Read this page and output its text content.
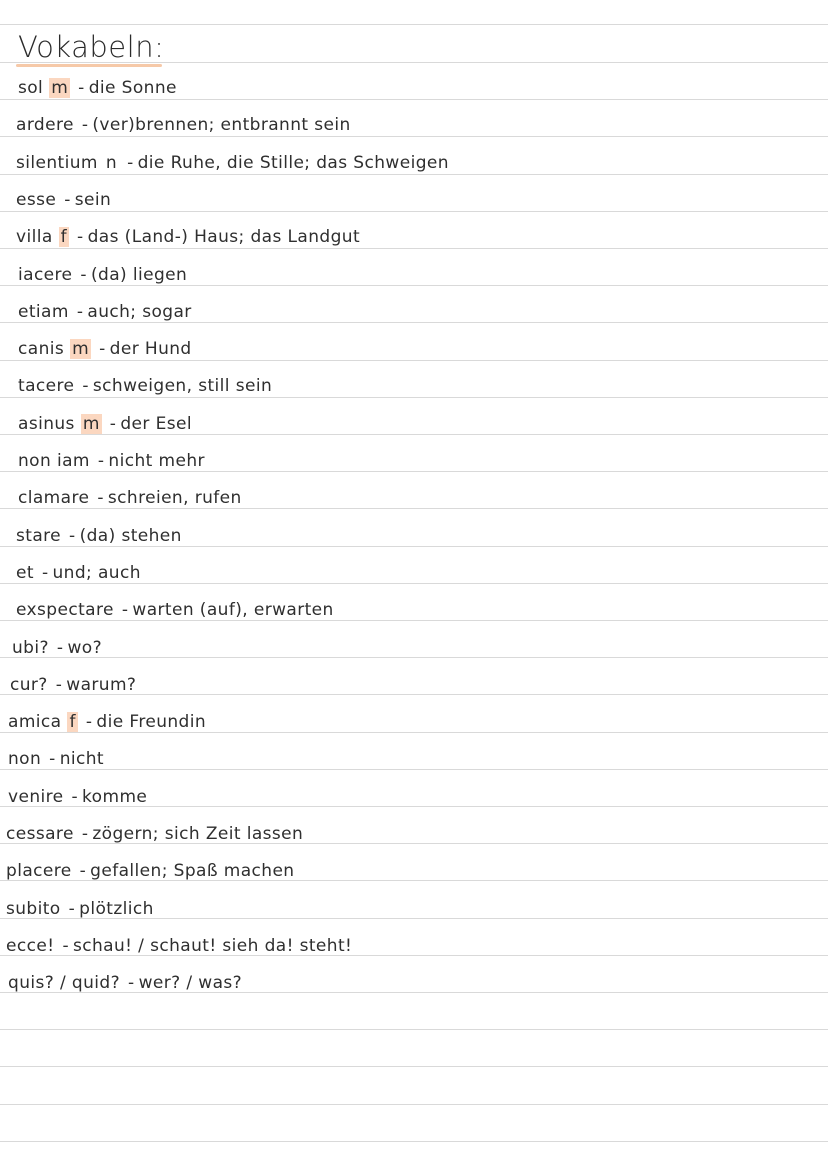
Vokabeln:
sol m - die Sonne
ardere - (ver)brennen; entbrannt sein
silentium n - die Ruhe, die Stille; das Schweigen
esse - sein
villa f - das (Land-) Haus; das Landgut
iacere - (da) liegen
etiam - auch; sogar
canis m - der Hund
tacere - schweigen, still sein
asinus m - der Esel
non iam - nicht mehr
clamare - schreien, rufen
stare - (da) stehen
et - und; auch
exspectare - warten (auf), erwarten
ubi? - wo?
cur? - warum?
amica f - die Freundin
non - nicht
venire - komme
cessare - zögern; sich Zeit lassen
placere - gefallen; Spaß machen
subito - plötzlich
ecce! - schau! / schaut! sieh da! steht!
quis? / quid? - wer? / was?
